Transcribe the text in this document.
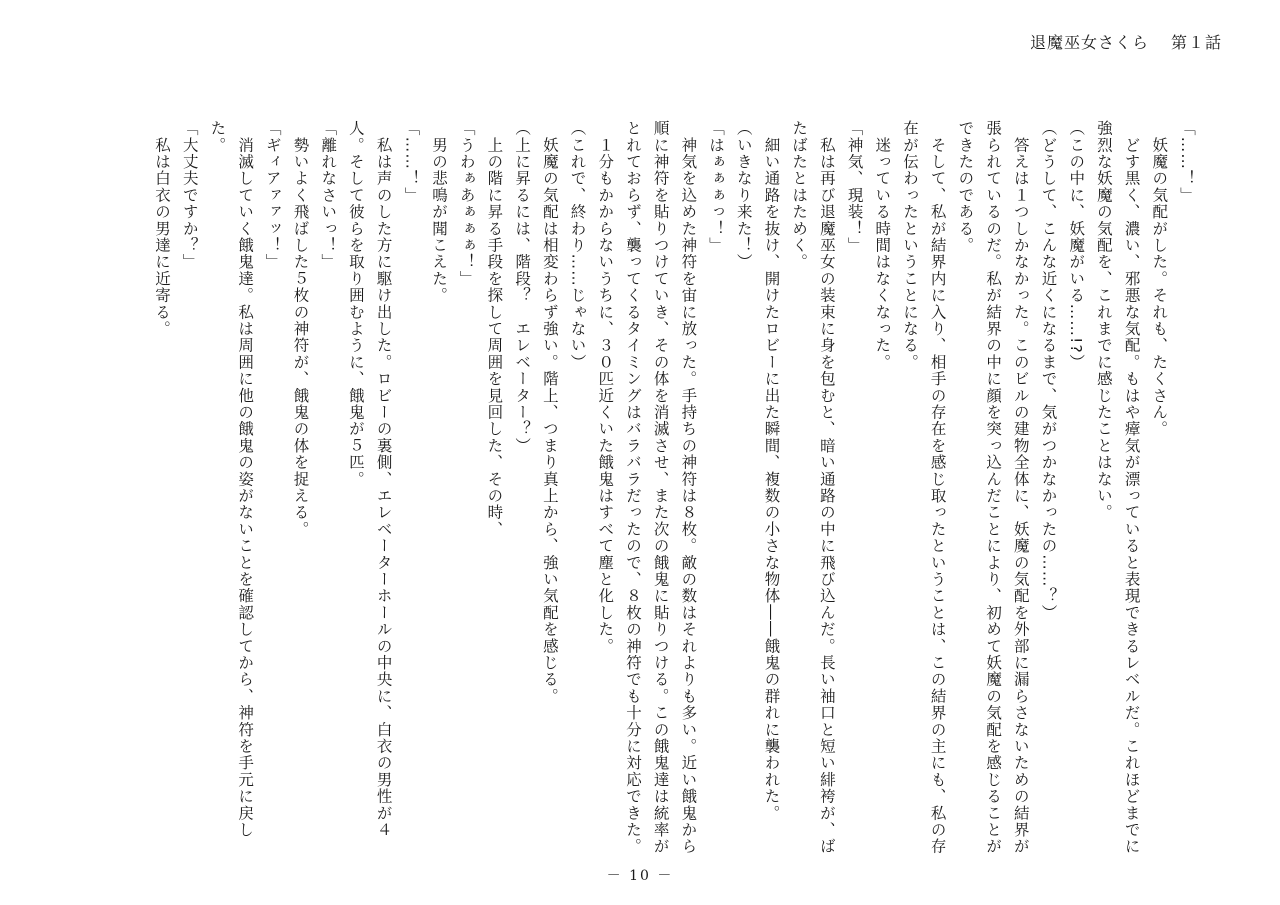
退魔巫女さくら 第１話

「……！」

　妖魔の気配がした。それも、たくさん。

　どす黒く、濃い、邪悪な気配。もはや瘴気が漂っていると表現できるレベルだ。これほどまでに強烈な妖魔の気配を、これまでに感じたことはない。

（この中に、妖魔がいる……!?）

（どうして、こんな近くになるまで、気がつかなかったの……？）

　答えは１つしかなかった。このビルの建物全体に、妖魔の気配を外部に漏らさないための結界が張られているのだ。私が結界の中に顔を突っ込んだことにより、初めて妖魔の気配を感じることができたのである。

　そして、私が結界内に入り、相手の存在を感じ取ったということは、この結界の主にも、私の存在が伝わったということになる。

　迷っている時間はなくなった。

「神気、現装！」

　私は再び退魔巫女の装束に身を包むと、暗い通路の中に飛び込んだ。長い袖口と短い緋袴が、ばたばたとはためく。

　細い通路を抜け、開けたロビーに出た瞬間、複数の小さな物体――餓鬼の群れに襲われた。

（いきなり来た！）

「はぁぁぁっ！」

　神気を込めた神符を宙に放った。手持ちの神符は８枚。敵の数はそれよりも多い。近い餓鬼から順に神符を貼りつけていき、その体を消滅させ、また次の餓鬼に貼りつける。この餓鬼達は統率がとれておらず、襲ってくるタイミングはバラバラだったので、８枚の神符でも十分に対応できた。

　１分もかからないうちに、３０匹近くいた餓鬼はすべて塵と化した。

（これで、終わり……じゃない）

　妖魔の気配は相変わらず強い。階上、つまり真上から、強い気配を感じる。

（上に昇るには、階段？　エレベーター？）

　上の階に昇る手段を探して周囲を見回した、その時、

「うわぁあぁぁぁ！」

　男の悲鳴が聞こえた。

「……！」

　私は声のした方に駆け出した。ロビーの裏側、エレベーターホールの中央に、白衣の男性が４人。そして彼らを取り囲むように、餓鬼が５匹。

「離れなさいっ！」

　勢いよく飛ばした５枚の神符が、餓鬼の体を捉える。

「ギィアァァッ！」

　消滅していく餓鬼達。私は周囲に他の餓鬼の姿がないことを確認してから、神符を手元に戻した。

「大丈夫ですか？」

　私は白衣の男達に近寄る。

－ 10 －
